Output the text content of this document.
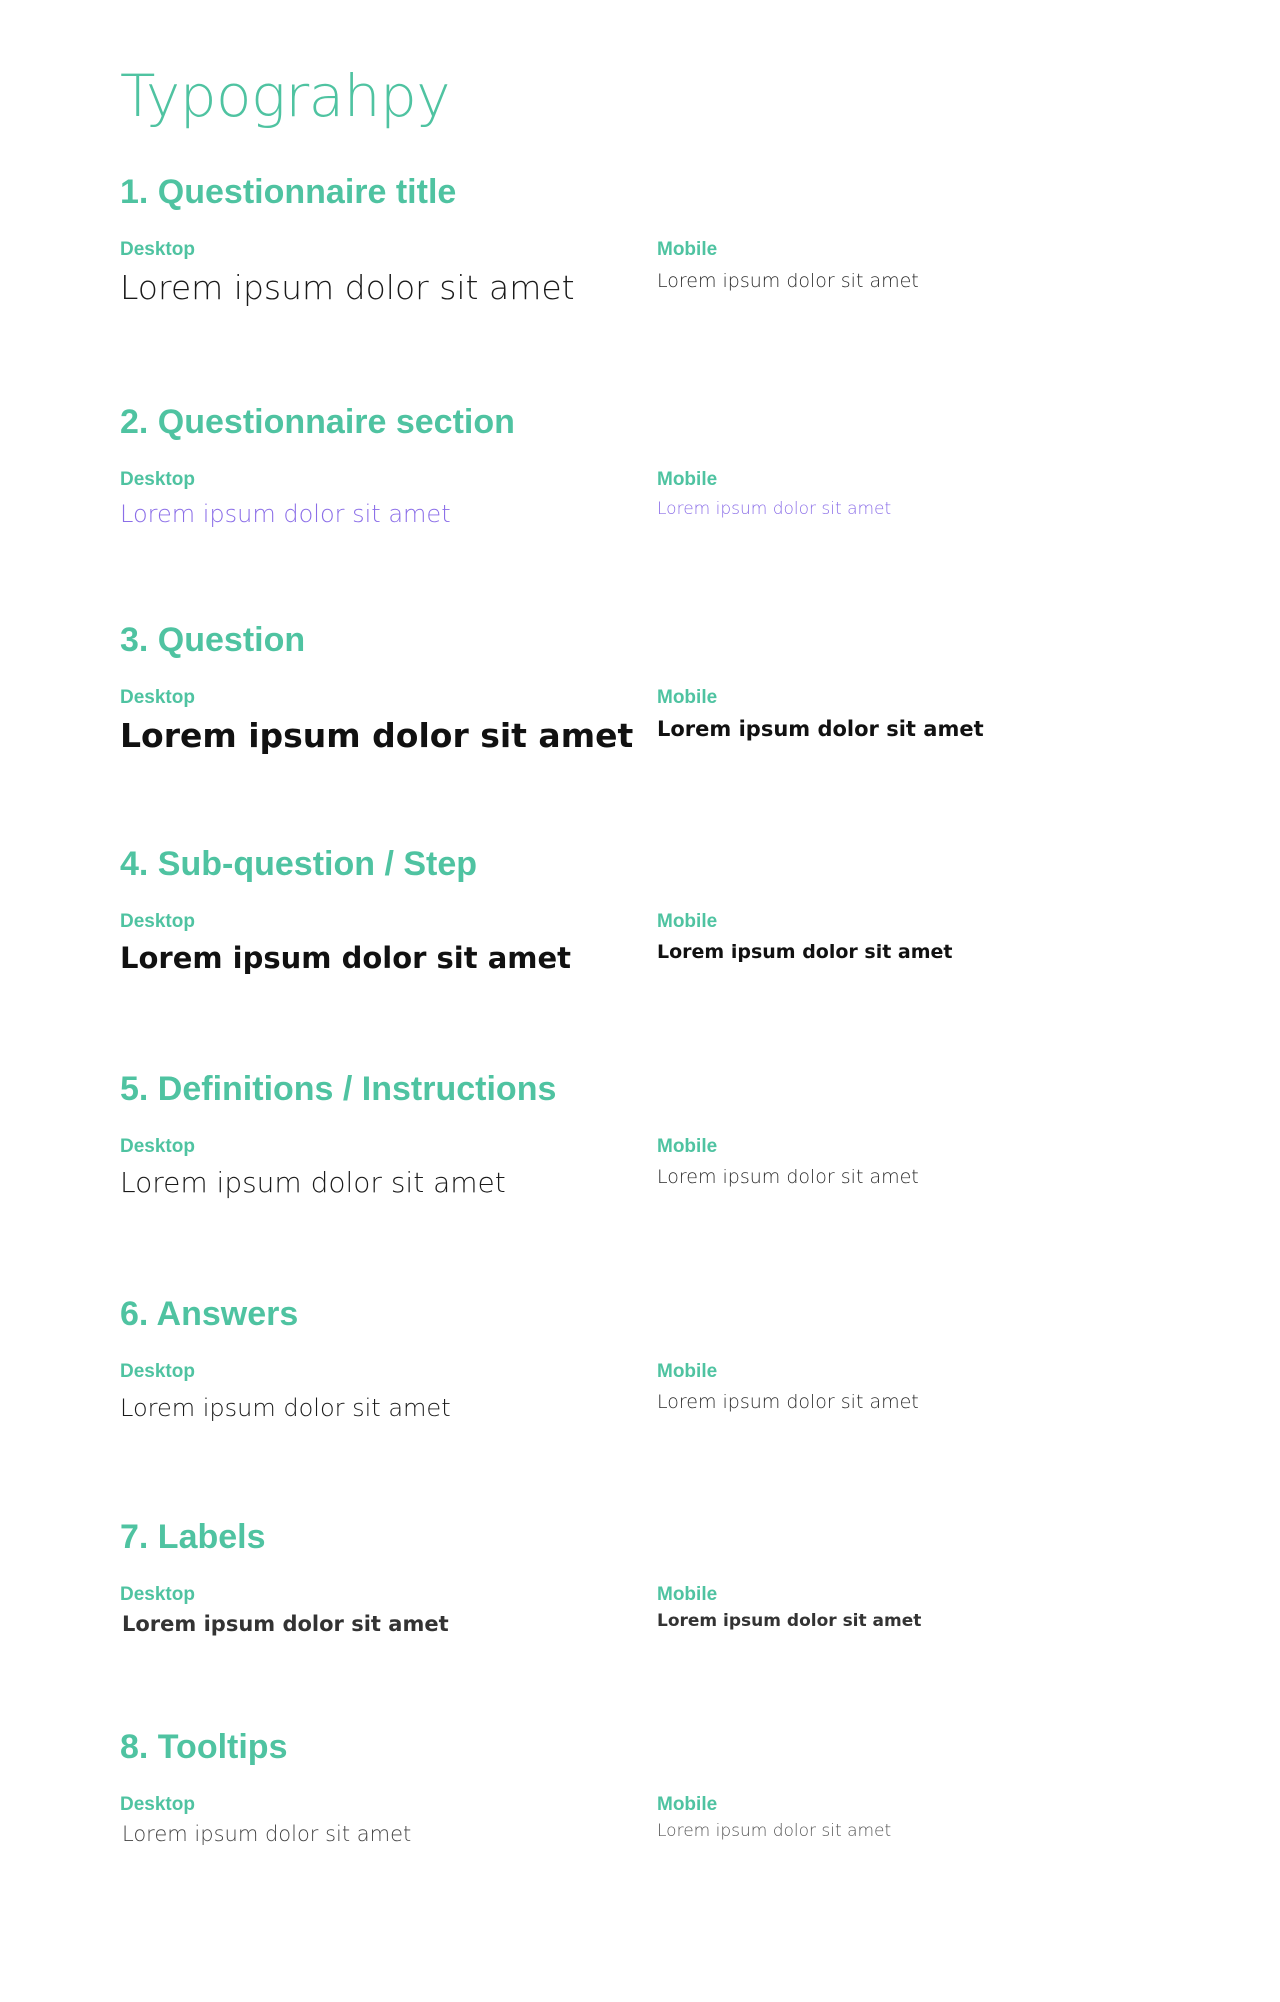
Typograhpy
1. Questionnaire title
Desktop
Lorem ipsum dolor sit amet
Mobile
Lorem ipsum dolor sit amet
2. Questionnaire section
Desktop
Lorem ipsum dolor sit amet
Mobile
Lorem ipsum dolor sit amet
3. Question
Desktop
Lorem ipsum dolor sit amet
Mobile
Lorem ipsum dolor sit amet
4. Sub-question / Step
Desktop
Lorem ipsum dolor sit amet
Mobile
Lorem ipsum dolor sit amet
5. Definitions / Instructions
Desktop
Lorem ipsum dolor sit amet
Mobile
Lorem ipsum dolor sit amet
6. Answers
Desktop
Lorem ipsum dolor sit amet
Mobile
Lorem ipsum dolor sit amet
7. Labels
Desktop
Lorem ipsum dolor sit amet
Mobile
Lorem ipsum dolor sit amet
8. Tooltips
Desktop
Lorem ipsum dolor sit amet
Mobile
Lorem ipsum dolor sit amet
